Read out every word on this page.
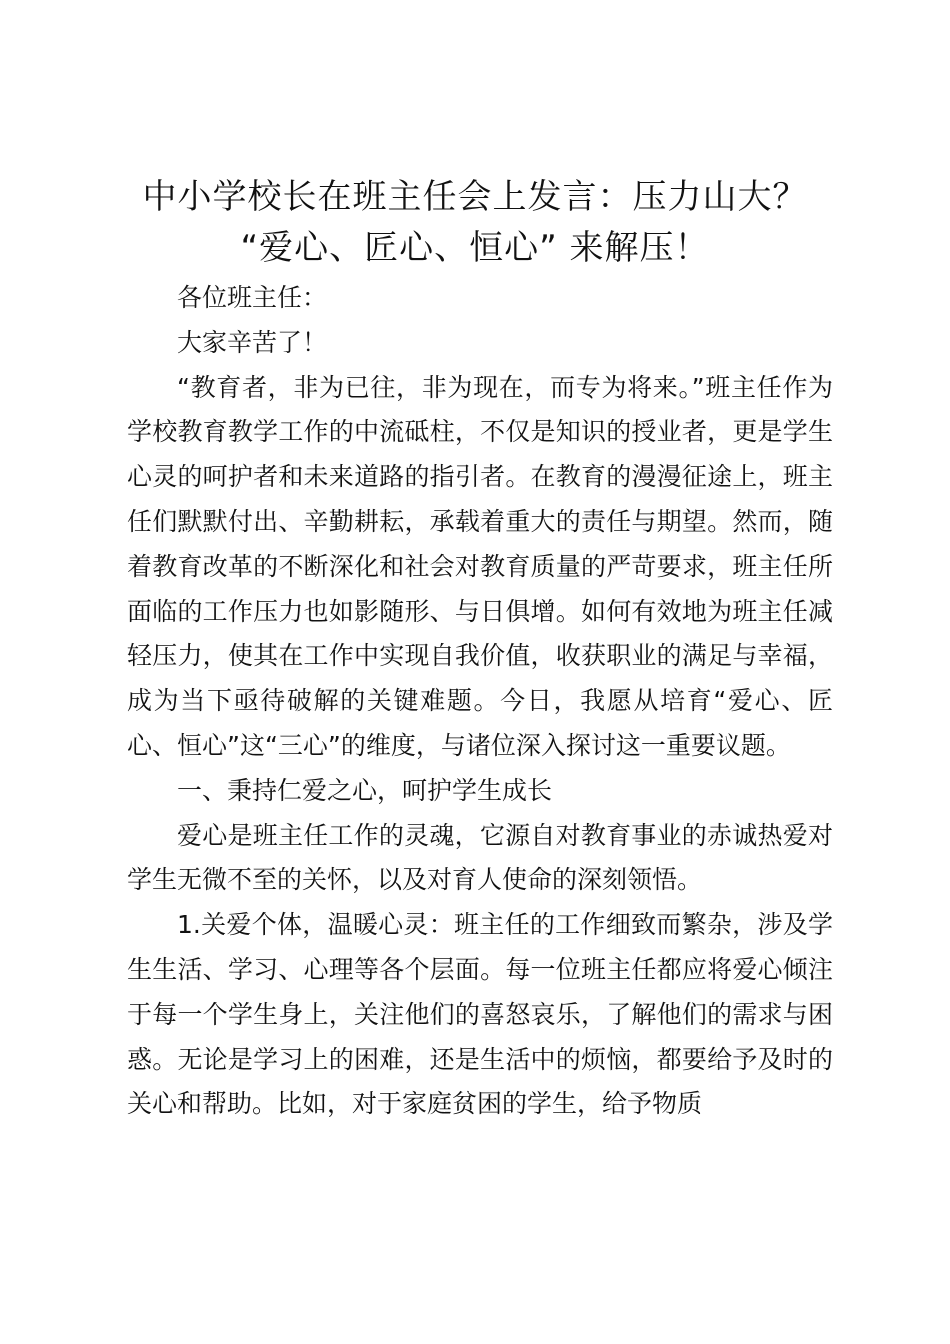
中小学校长在班主任会上发言：压力山大？
“爱心、匠心、恒心” 来解压！

各位班主任：

大家辛苦了！

“教育者，非为已往，非为现在，而专为将来。”班主任作为学校教育教学工作的中流砥柱，不仅是知识的授业者，更是学生心灵的呵护者和未来道路的指引者。在教育的漫漫征途上，班主任们默默付出、辛勤耕耘，承载着重大的责任与期望。然而，随着教育改革的不断深化和社会对教育质量的严苛要求，班主任所面临的工作压力也如影随形、与日俱增。如何有效地为班主任减轻压力，使其在工作中实现自我价值，收获职业的满足与幸福，成为当下亟待破解的关键难题。今日，我愿从培育“爱心、匠心、恒心”这“三心”的维度，与诸位深入探讨这一重要议题。

一、秉持仁爱之心，呵护学生成长

爱心是班主任工作的灵魂，它源自对教育事业的赤诚热爱对学生无微不至的关怀，以及对育人使命的深刻领悟。

1.关爱个体，温暖心灵：班主任的工作细致而繁杂，涉及学生生活、学习、心理等各个层面。每一位班主任都应将爱心倾注于每一个学生身上，关注他们的喜怒哀乐，了解他们的需求与困惑。无论是学习上的困难，还是生活中的烦恼，都要给予及时的关心和帮助。比如，对于家庭贫困的学生，给予物质
